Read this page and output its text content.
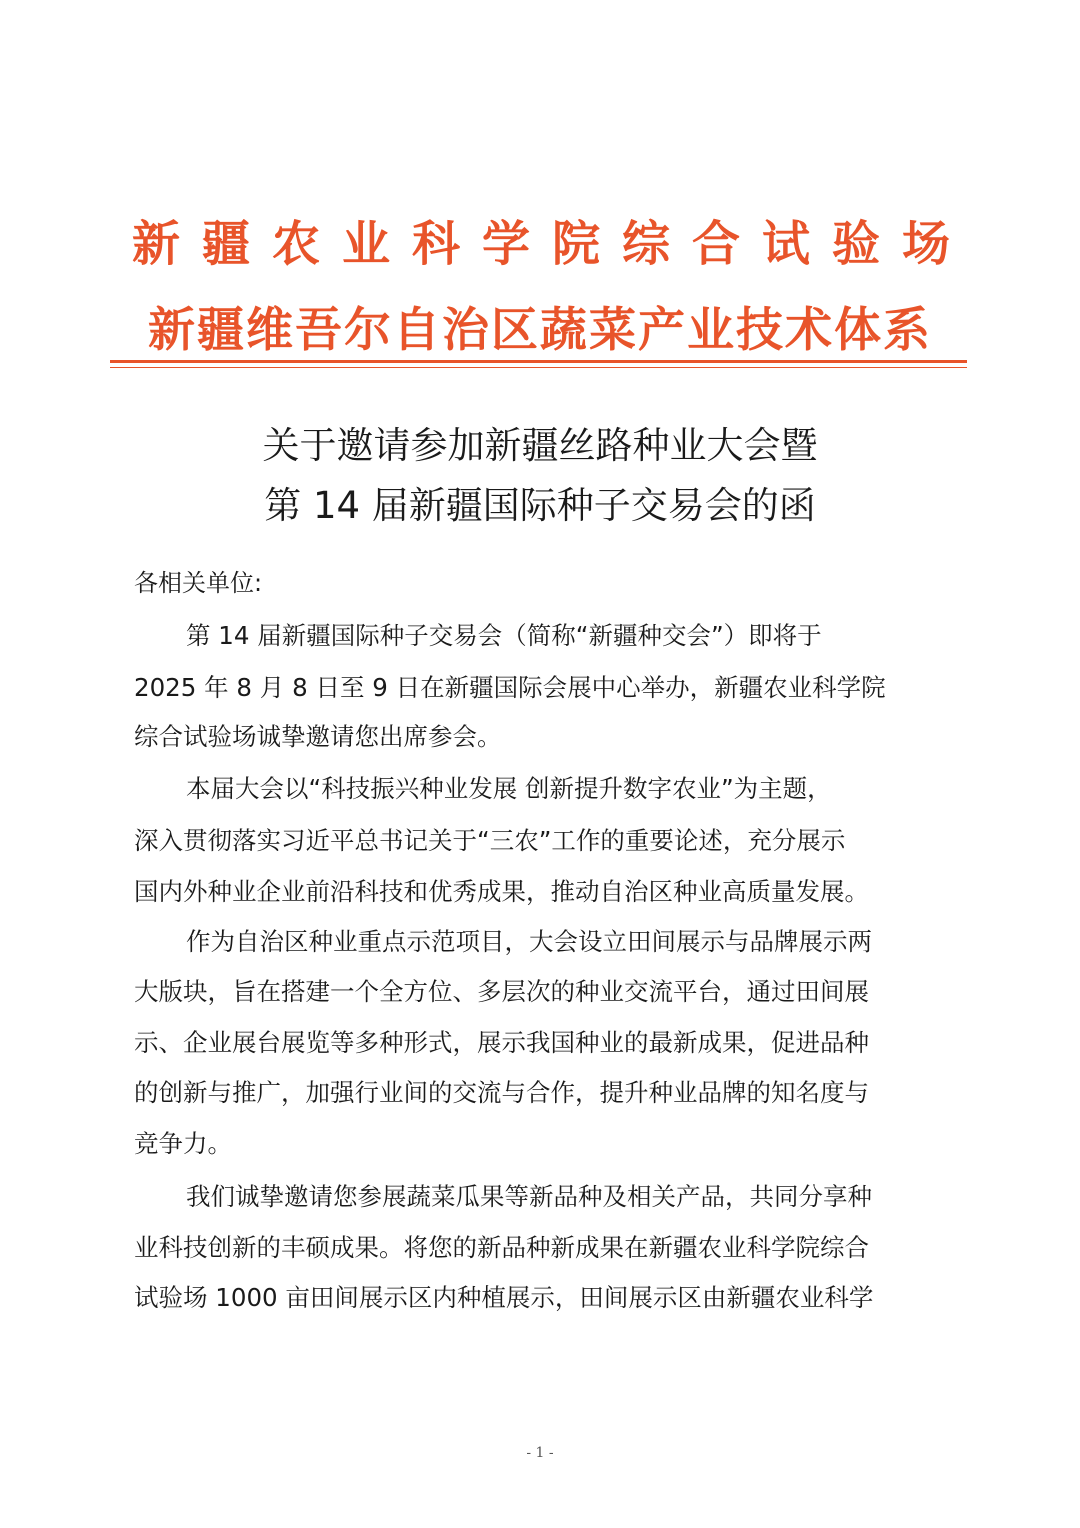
新疆农业科学院综合试验场
新疆维吾尔自治区蔬菜产业技术体系
关于邀请参加新疆丝路种业大会暨
第 14 届新疆国际种子交易会的函
各相关单位:
第 14 届新疆国际种子交易会（简称“新疆种交会”）即将于
2025 年 8 月 8 日至 9 日在新疆国际会展中心举办，新疆农业科学院
综合试验场诚挚邀请您出席参会。
本届大会以“科技振兴种业发展 创新提升数字农业”为主题，
深入贯彻落实习近平总书记关于“三农”工作的重要论述，充分展示
国内外种业企业前沿科技和优秀成果，推动自治区种业高质量发展。
作为自治区种业重点示范项目，大会设立田间展示与品牌展示两
大版块，旨在搭建一个全方位、多层次的种业交流平台，通过田间展
示、企业展台展览等多种形式，展示我国种业的最新成果，促进品种
的创新与推广，加强行业间的交流与合作，提升种业品牌的知名度与
竞争力。
我们诚挚邀请您参展蔬菜瓜果等新品种及相关产品，共同分享种
业科技创新的丰硕成果。将您的新品种新成果在新疆农业科学院综合
试验场 1000 亩田间展示区内种植展示，田间展示区由新疆农业科学
- 1 -
